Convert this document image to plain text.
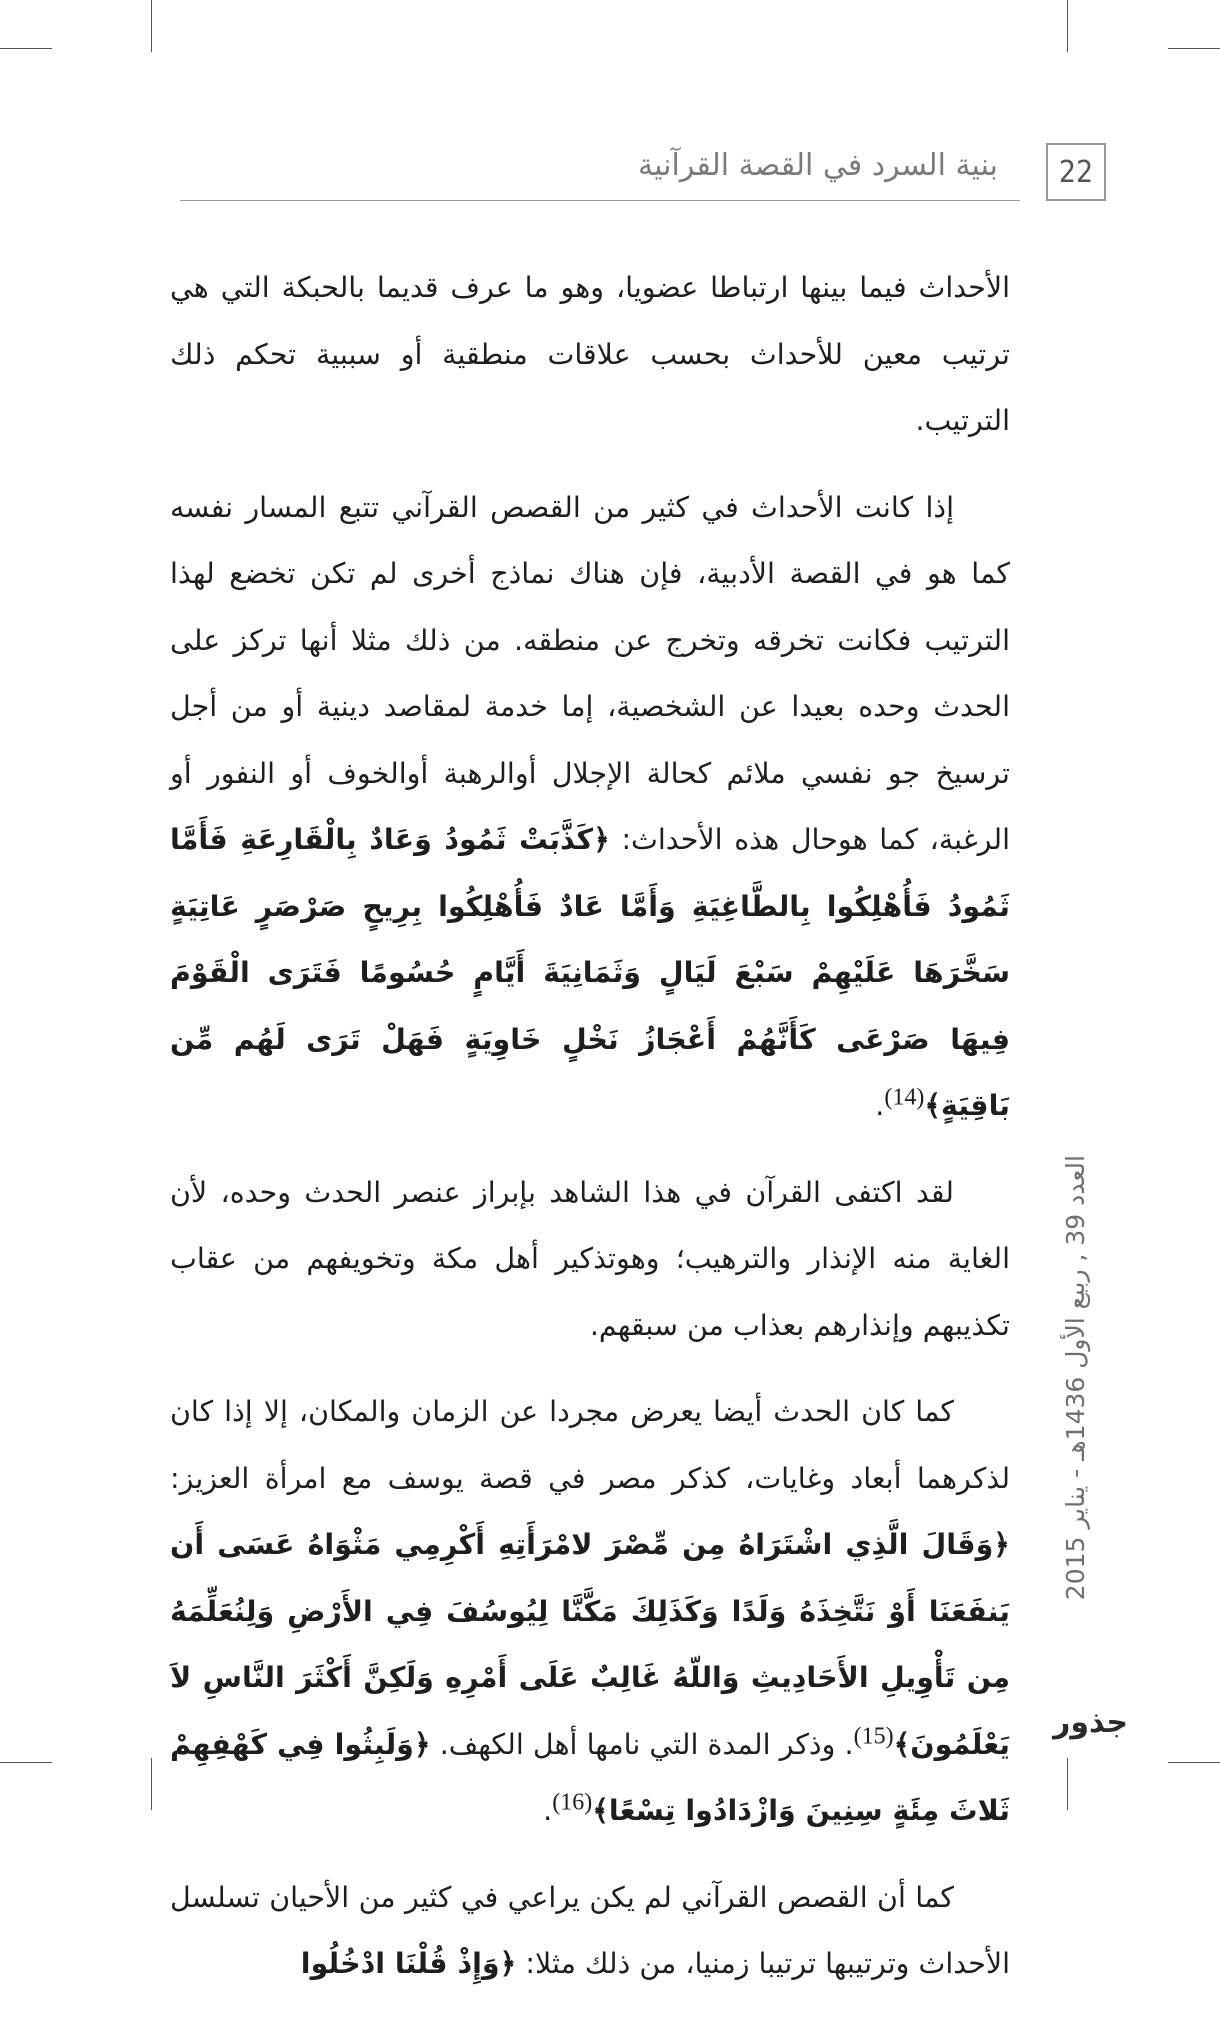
22
بنية السرد في القصة القرآنية

الأحداث فيما بينها ارتباطا عضويا، وهو ما عرف قديما بالحبكة التي هي ترتيب معين للأحداث بحسب علاقات منطقية أو سببية تحكم ذلك الترتيب.

إذا كانت الأحداث في كثير من القصص القرآني تتبع المسار نفسه كما هو في القصة الأدبية، فإن هناك نماذج أخرى لم تكن تخضع لهذا الترتيب فكانت تخرقه وتخرج عن منطقه. من ذلك مثلا أنها تركز على الحدث وحده بعيدا عن الشخصية، إما خدمة لمقاصد دينية أو من أجل ترسيخ جو نفسي ملائم كحالة الإجلال أوالرهبة أوالخوف أو النفور أو الرغبة، كما هوحال هذه الأحداث: ﴿كَذَّبَتْ ثَمُودُ وَعَادٌ بِالْقَارِعَةِ فَأَمَّا ثَمُودُ فَأُهْلِكُوا بِالطَّاغِيَةِ وَأَمَّا عَادٌ فَأُهْلِكُوا بِرِيحٍ صَرْصَرٍ عَاتِيَةٍ سَخَّرَهَا عَلَيْهِمْ سَبْعَ لَيَالٍ وَثَمَانِيَةَ أَيَّامٍ حُسُومًا فَتَرَى الْقَوْمَ فِيهَا صَرْعَى كَأَنَّهُمْ أَعْجَازُ نَخْلٍ خَاوِيَةٍ فَهَلْ تَرَى لَهُم مِّن بَاقِيَةٍ﴾$^{(14)}$.

لقد اكتفى القرآن في هذا الشاهد بإبراز عنصر الحدث وحده، لأن الغاية منه الإنذار والترهيب؛ وهوتذكير أهل مكة وتخويفهم من عقاب تكذيبهم وإنذارهم بعذاب من سبقهم.

كما كان الحدث أيضا يعرض مجردا عن الزمان والمكان، إلا إذا كان لذكرهما أبعاد وغايات، كذكر مصر في قصة يوسف مع امرأة العزيز: ﴿وَقَالَ الَّذِي اشْتَرَاهُ مِن مِّصْرَ لامْرَأَتِهِ أَكْرِمِي مَثْوَاهُ عَسَى أَن يَنفَعَنَا أَوْ نَتَّخِذَهُ وَلَدًا وَكَذَلِكَ مَكَّنَّا لِيُوسُفَ فِي الأَرْضِ وَلِنُعَلِّمَهُ مِن تَأْوِيلِ الأَحَادِيثِ وَاللّهُ غَالِبٌ عَلَى أَمْرِهِ وَلَكِنَّ أَكْثَرَ النَّاسِ لاَ يَعْلَمُونَ﴾$^{(15)}$. وذكر المدة التي نامها أهل الكهف. ﴿وَلَبِثُوا فِي كَهْفِهِمْ ثَلاثَ مِئَةٍ سِنِينَ وَازْدَادُوا تِسْعًا﴾$^{(16)}$.

كما أن القصص القرآني لم يكن يراعي في كثير من الأحيان تسلسل الأحداث وترتيبها ترتيبا زمنيا، من ذلك مثلا: ﴿وَإِذْ قُلْنَا ادْخُلُوا

العدد 39 , ربيع الأول 1436هـ - يناير 2015
جذور
